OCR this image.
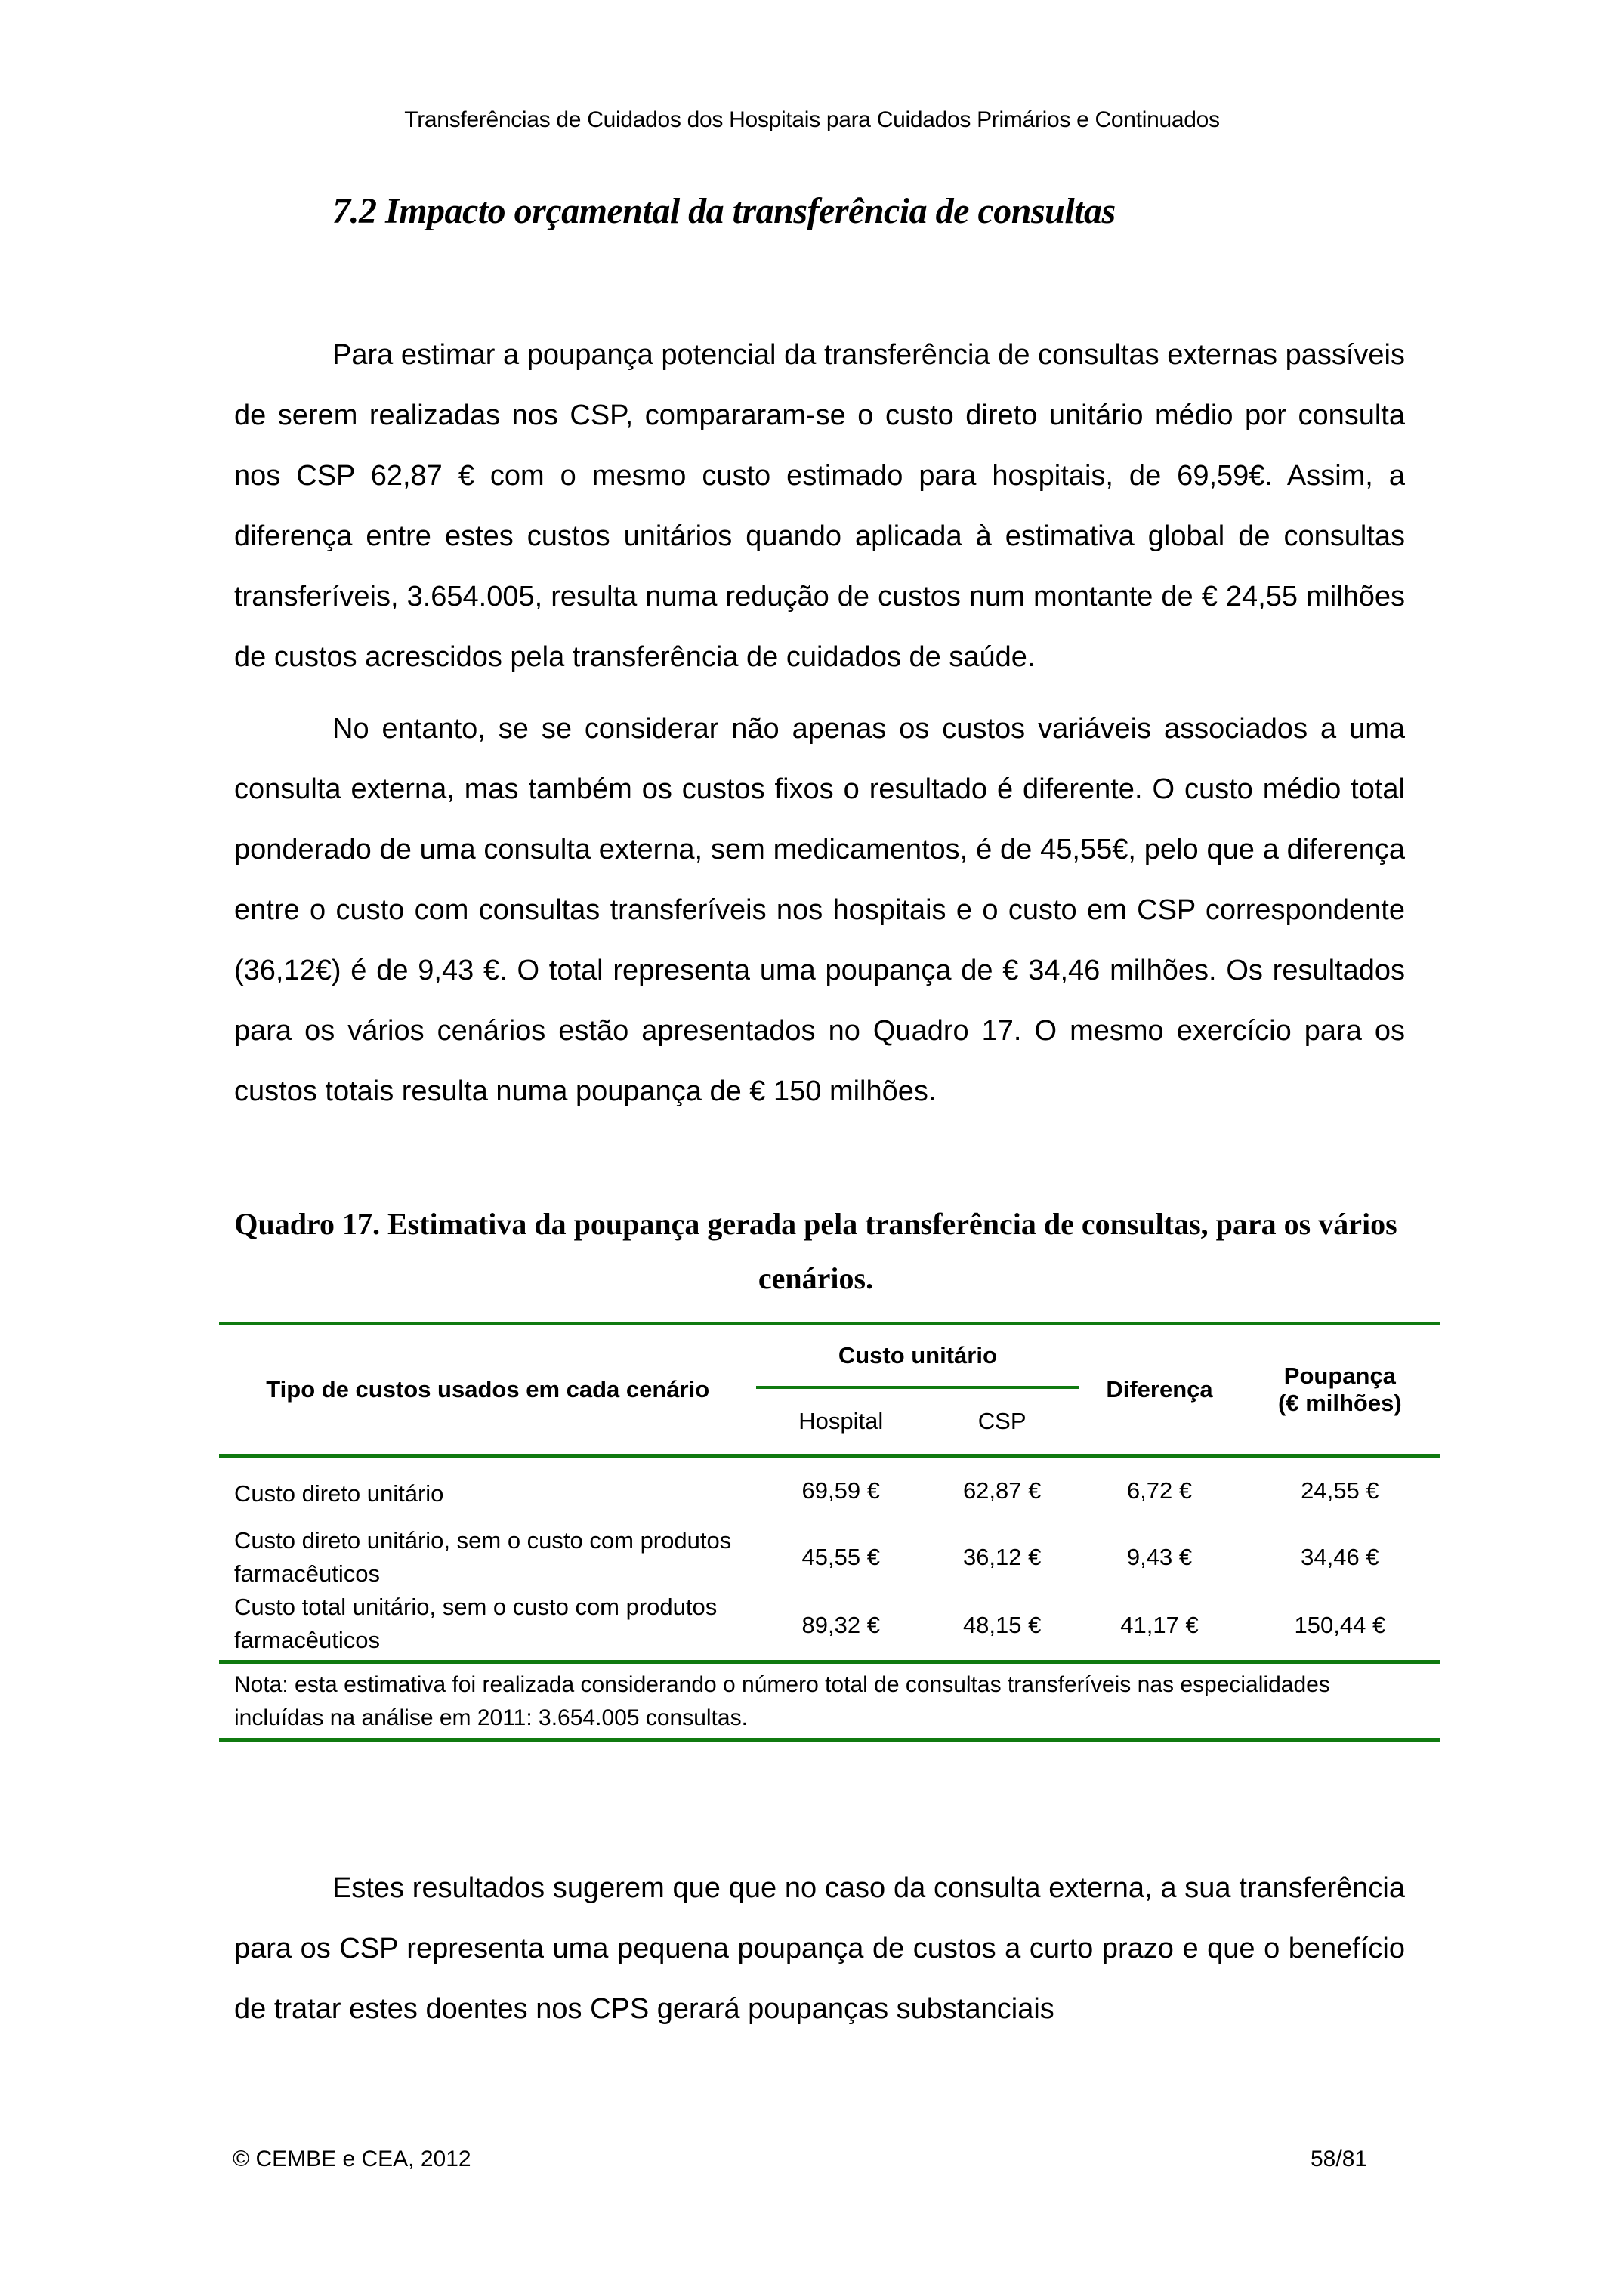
Transferências de Cuidados dos Hospitais para Cuidados Primários e Continuados
7.2 Impacto orçamental da transferência de consultas

Para estimar a poupança potencial da transferência de consultas externas passíveis de serem realizadas nos CSP, compararam-se o custo direto unitário médio por consulta nos CSP 62,87 € com o mesmo custo estimado para hospitais, de 69,59€. Assim, a diferença entre estes custos unitários quando aplicada à estimativa global de consultas transferíveis, 3.654.005, resulta numa redução de custos num montante de € 24,55 milhões de custos acrescidos pela transferência de cuidados de saúde.

No entanto, se se considerar não apenas os custos variáveis associados a uma consulta externa, mas também os custos fixos o resultado é diferente. O custo médio total ponderado de uma consulta externa, sem medicamentos, é de 45,55€, pelo que a diferença entre o custo com consultas transferíveis nos hospitais e o custo em CSP correspondente (36,12€) é de 9,43 €. O total representa uma poupança de € 34,46 milhões. Os resultados para os vários cenários estão apresentados no Quadro 17. O mesmo exercício para os custos totais resulta numa poupança de € 150 milhões.

Quadro 17. Estimativa da poupança gerada pela transferência de consultas, para os vários cenários.
Tipo de custos usados em cada cenário	Custo unitário		Diferença	Poupança
(€ milhões)

	Hospital	CSP		

Custo direto unitário	69,59 €	62,87 €	6,72 €	24,55 €
Custo direto unitário, sem o custo com produtos farmacêuticos	45,55 €	36,12 €	9,43 €	34,46 €
Custo total unitário, sem o custo com produtos farmacêuticos	89,32 €	48,15 €	41,17 €	150,44 €
Nota: esta estimativa foi realizada considerando o número total de consultas transferíveis nas especialidades incluídas na análise em 2011: 3.654.005 consultas.

Estes resultados sugerem que que no caso da consulta externa, a sua transferência para os CSP representa uma pequena poupança de custos a curto prazo e que o benefício de tratar estes doentes nos CPS gerará poupanças substanciais

© CEMBE e CEA, 2012	58/81
